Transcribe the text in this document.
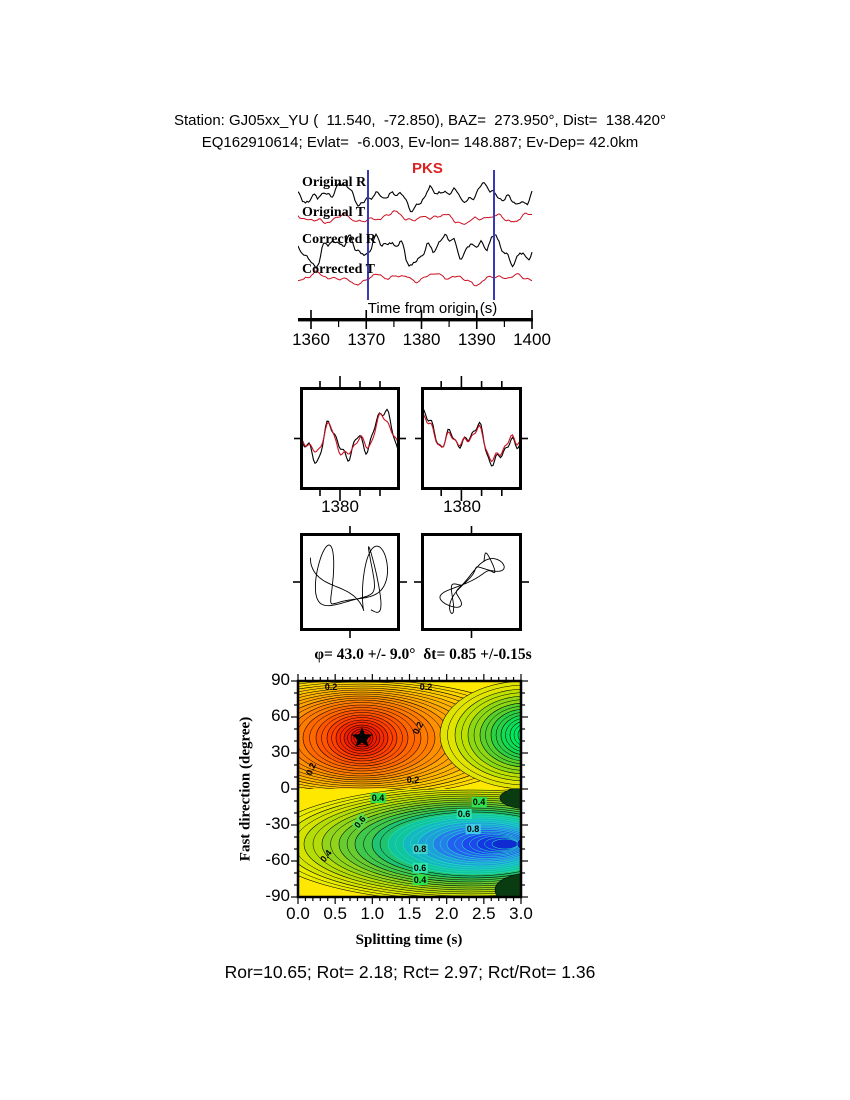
Station: GJ05xx_YU (  11.540,  -72.850), BAZ=  273.950°, Dist=  138.420°
EQ162910614; Evlat=  -6.003, Ev-lon= 148.887; Ev-Dep= 42.0km
PKS
Original R
Original T
Corrected R
Corrected T
Time from origin (s)
1360 1370 1380 1390 1400
1380	1380
φ= 43.0 +/- 9.0°  δt= 0.85 +/-0.15s
Fast direction (degree)
90
60
30
0
-30
-60
-90
0.0 0.5 1.0 1.5 2.0 2.5 3.0
0.2	0.2
0.2
0.2
0.2
0.4	0.4
0.6
0.8
0.8
0.6
0.4
0.6
0.4
Splitting time (s)
Ror=10.65; Rot= 2.18; Rct= 2.97; Rct/Rot= 1.36
